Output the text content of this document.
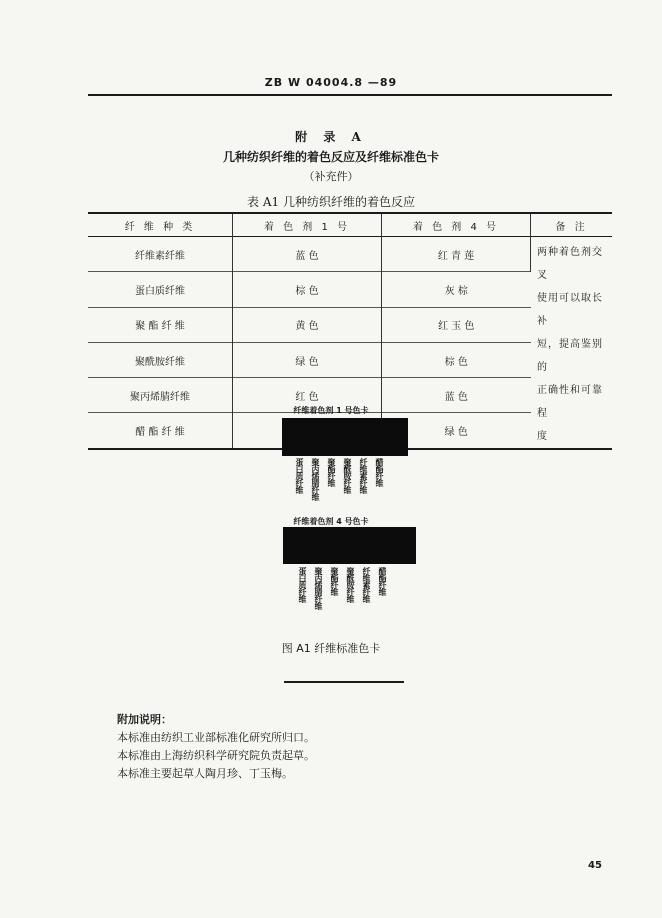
ZB W 04004.8 —89
附 录 A
几种纺织纤维的着色反应及纤维标准色卡
（补充件）
表 A1 几种纺织纤维的着色反应
纤 维 种 类	着 色 剂 1 号	着 色 剂 4 号	备 注
纤维素纤维	蓝 色	红 青 莲	两种着色剂交叉
使用可以取长补
短，提高鉴别的
正确性和可靠程
度

蛋白质纤维	棕 色	灰 棕	
聚 酯 纤 维	黄 色	红 玉 色	
聚酰胺纤维	绿 色	棕 色	
聚丙烯腈纤维	红 色	蓝 色	
醋 酯 纤 维		绿 色	
纤维着色剂 1 号色卡
蛋白质纤维 聚丙烯腈纤维 聚酯纤维 聚酰胺纤维 纤维素纤维 醋酯纤维
纤维着色剂 4 号色卡
蛋白质纤维 聚丙烯腈纤维 聚酯纤维 聚酰胺纤维 纤维素纤维 醋酯纤维
图 A1 纤维标准色卡
附加说明：
本标准由纺织工业部标准化研究所归口。
本标准由上海纺织科学研究院负责起草。
本标准主要起草人陶月珍、丁玉梅。
45
